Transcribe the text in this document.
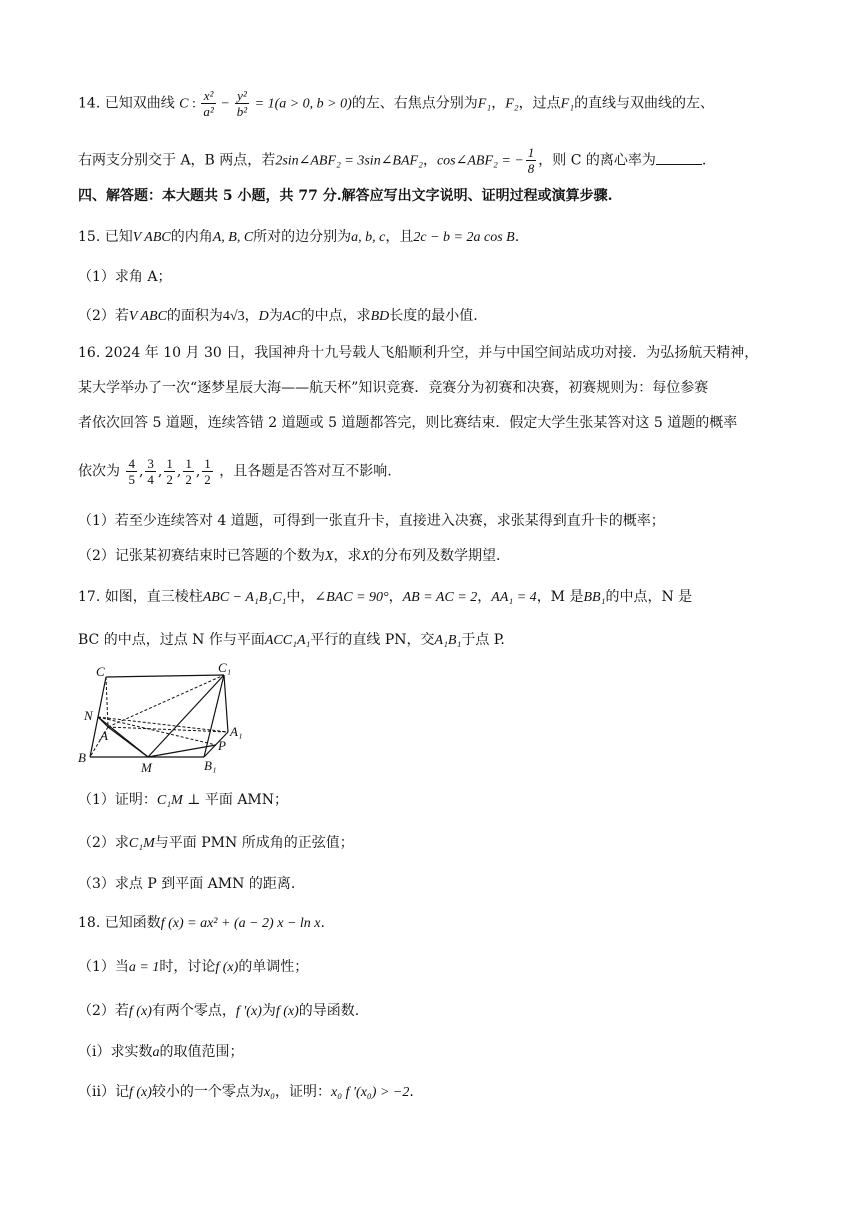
14. 已知双曲线 C : $\frac{\text{x²}}{\text{a²}} - \frac{\text{y²}}{\text{b²}} = 1(a > 0$, b > 0)的左、右焦点分别为F₁，F₂，过点F₁的直线与双曲线的左、
右两支分别交于 A，B 两点，若2sin∠ABF₂ = 3sin∠BAF₂，cos∠ABF₂ = − $\frac{1}{8}$ ，则 C 的离心率为	.
四、解答题：本大题共 5 小题，共 77 分.解答应写出文字说明、证明过程或演算步骤.
15. 已知V ABC的内角A, B, C所对的边分别为a, b, c，且2c − b = 2a cos B.
（1）求角 A；
（2）若V ABC的面积为4√3，D为AC的中点，求BD长度的最小值.
16. 2024 年 10 月 30 日，我国神舟十九号载人飞船顺利升空，并与中国空间站成功对接．为弘扬航天精神，
某大学举办了一次“逐梦星辰大海——航天杯”知识竞赛．竞赛分为初赛和决赛，初赛规则为：每位参赛
者依次回答 5 道题，连续答错 2 道题或 5 道题都答完，则比赛结束．假定大学生张某答对这 5 道题的概率
依次为 $\frac{4}{5}$ , $\frac{3}{4}$ , $\frac{1}{2}$ , $\frac{1}{2}$ , $\frac{1}{2}$ ，且各题是否答对互不影响.
（1）若至少连续答对 4 道题，可得到一张直升卡，直接进入决赛，求张某得到直升卡的概率；
（2）记张某初赛结束时已答题的个数为X，求X的分布列及数学期望.
17. 如图，直三棱柱ABC − A₁B₁C₁中，∠BAC = 90°，AB = AC = 2，AA₁ = 4，M 是BB₁的中点，N 是
BC 的中点，过点 N 作与平面ACC₁A₁平行的直线 PN，交A₁B₁于点 P.
C	C₁
N
A	A₁
P
B
M	B₁
（1）证明：C₁M ⊥ 平面 AMN；
（2）求C₁M与平面 PMN 所成角的正弦值；
（3）求点 P 到平面 AMN 的距离.
18. 已知函数f (x) = ax² + (a − 2) x − ln x.
（1）当a = 1时，讨论f (x)的单调性；
（2）若f (x)有两个零点，f ′(x)为f (x)的导函数.
（i）求实数a的取值范围；
（ii）记f (x)较小的一个零点为x₀，证明：x₀ f ′(x₀) > −2.
